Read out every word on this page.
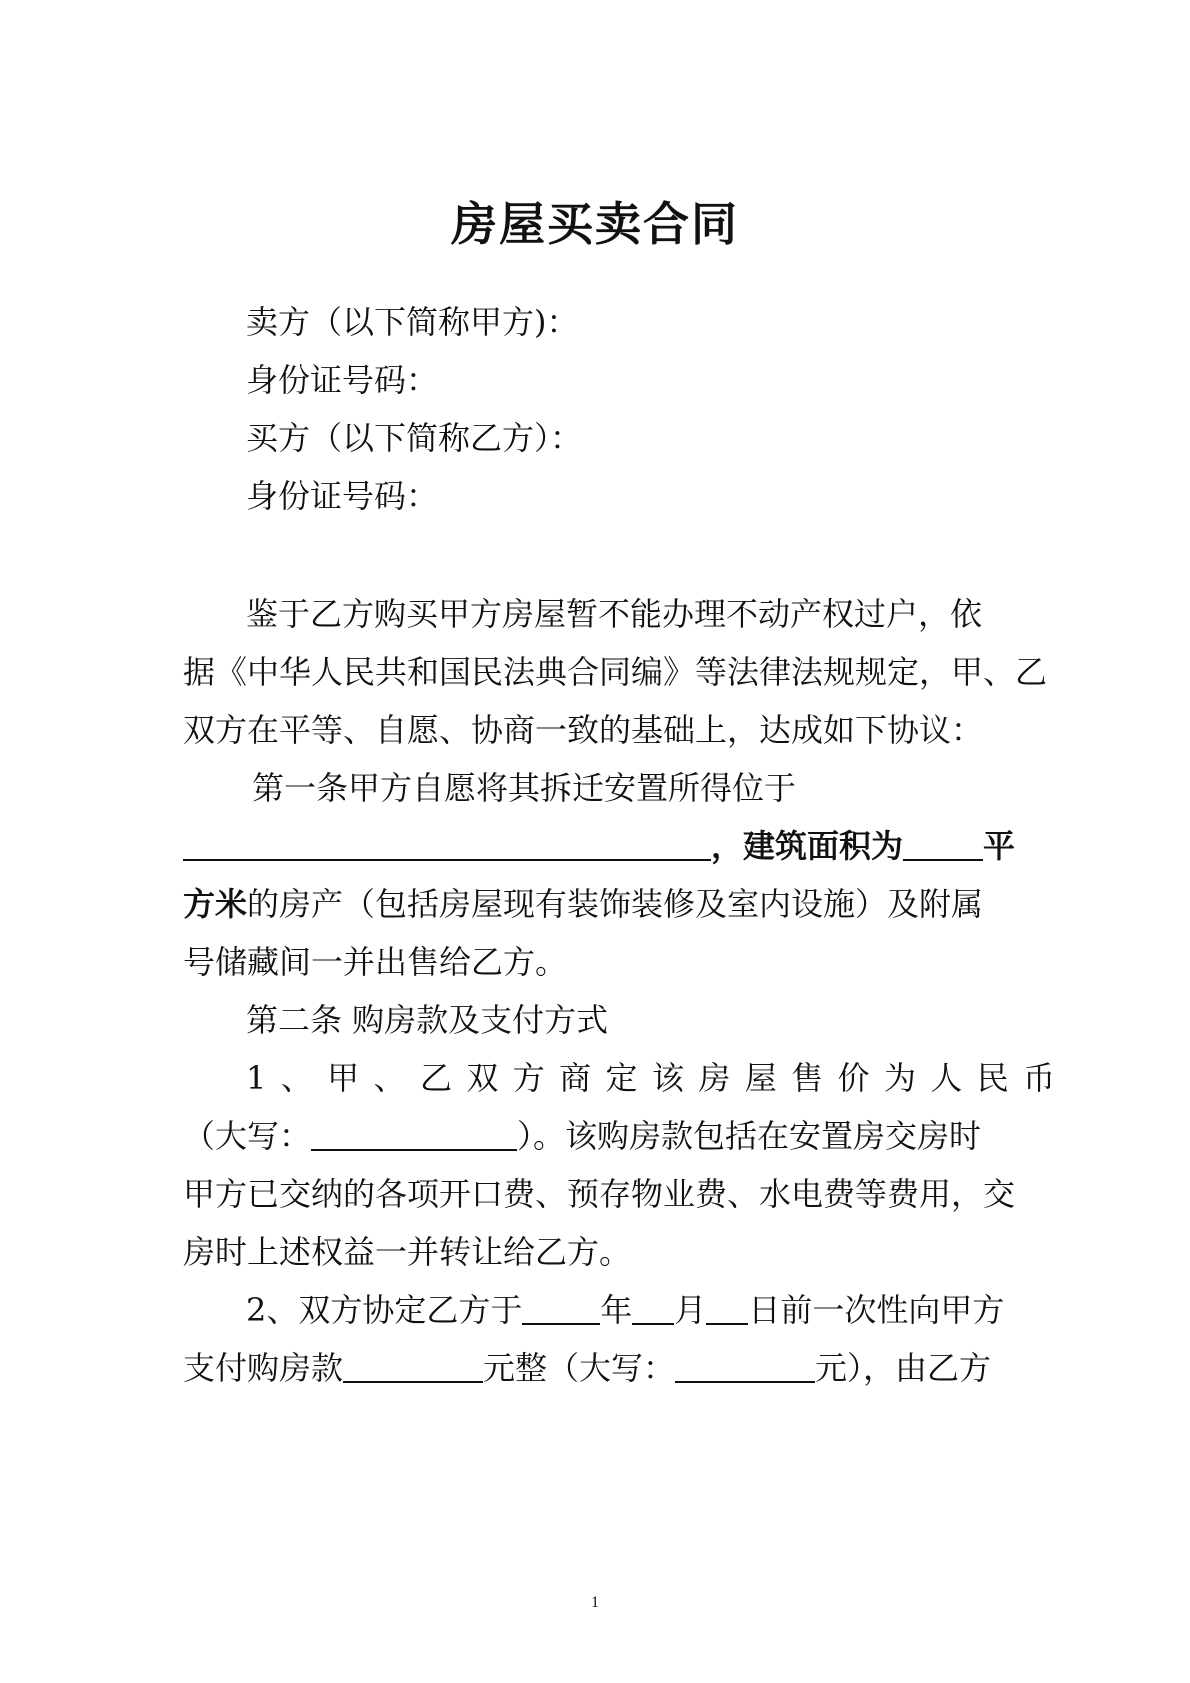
房屋买卖合同
卖方（以下简称甲方)：
身份证号码：
买方（以下简称乙方）：
身份证号码：
鉴于乙方购买甲方房屋暂不能办理不动产权过户，依
据《中华人民共和国民法典合同编》等法律法规规定，甲、乙
双方在平等、自愿、协商一致的基础上，达成如下协议：
第一条甲方自愿将其拆迁安置所得位于
，建筑面积为	平
方米的房产（包括房屋现有装饰装修及室内设施）及附属
号储藏间一并出售给乙方。
第二条 购房款及支付方式
1、甲、乙双方商定该房屋售价为人民币
（大写：	）。该购房款包括在安置房交房时
甲方已交纳的各项开口费、预存物业费、水电费等费用，交
房时上述权益一并转让给乙方。
2、双方协定乙方于 年 月 日前一次性向甲方
支付购房款	元整（大写：	元），由乙方
1
